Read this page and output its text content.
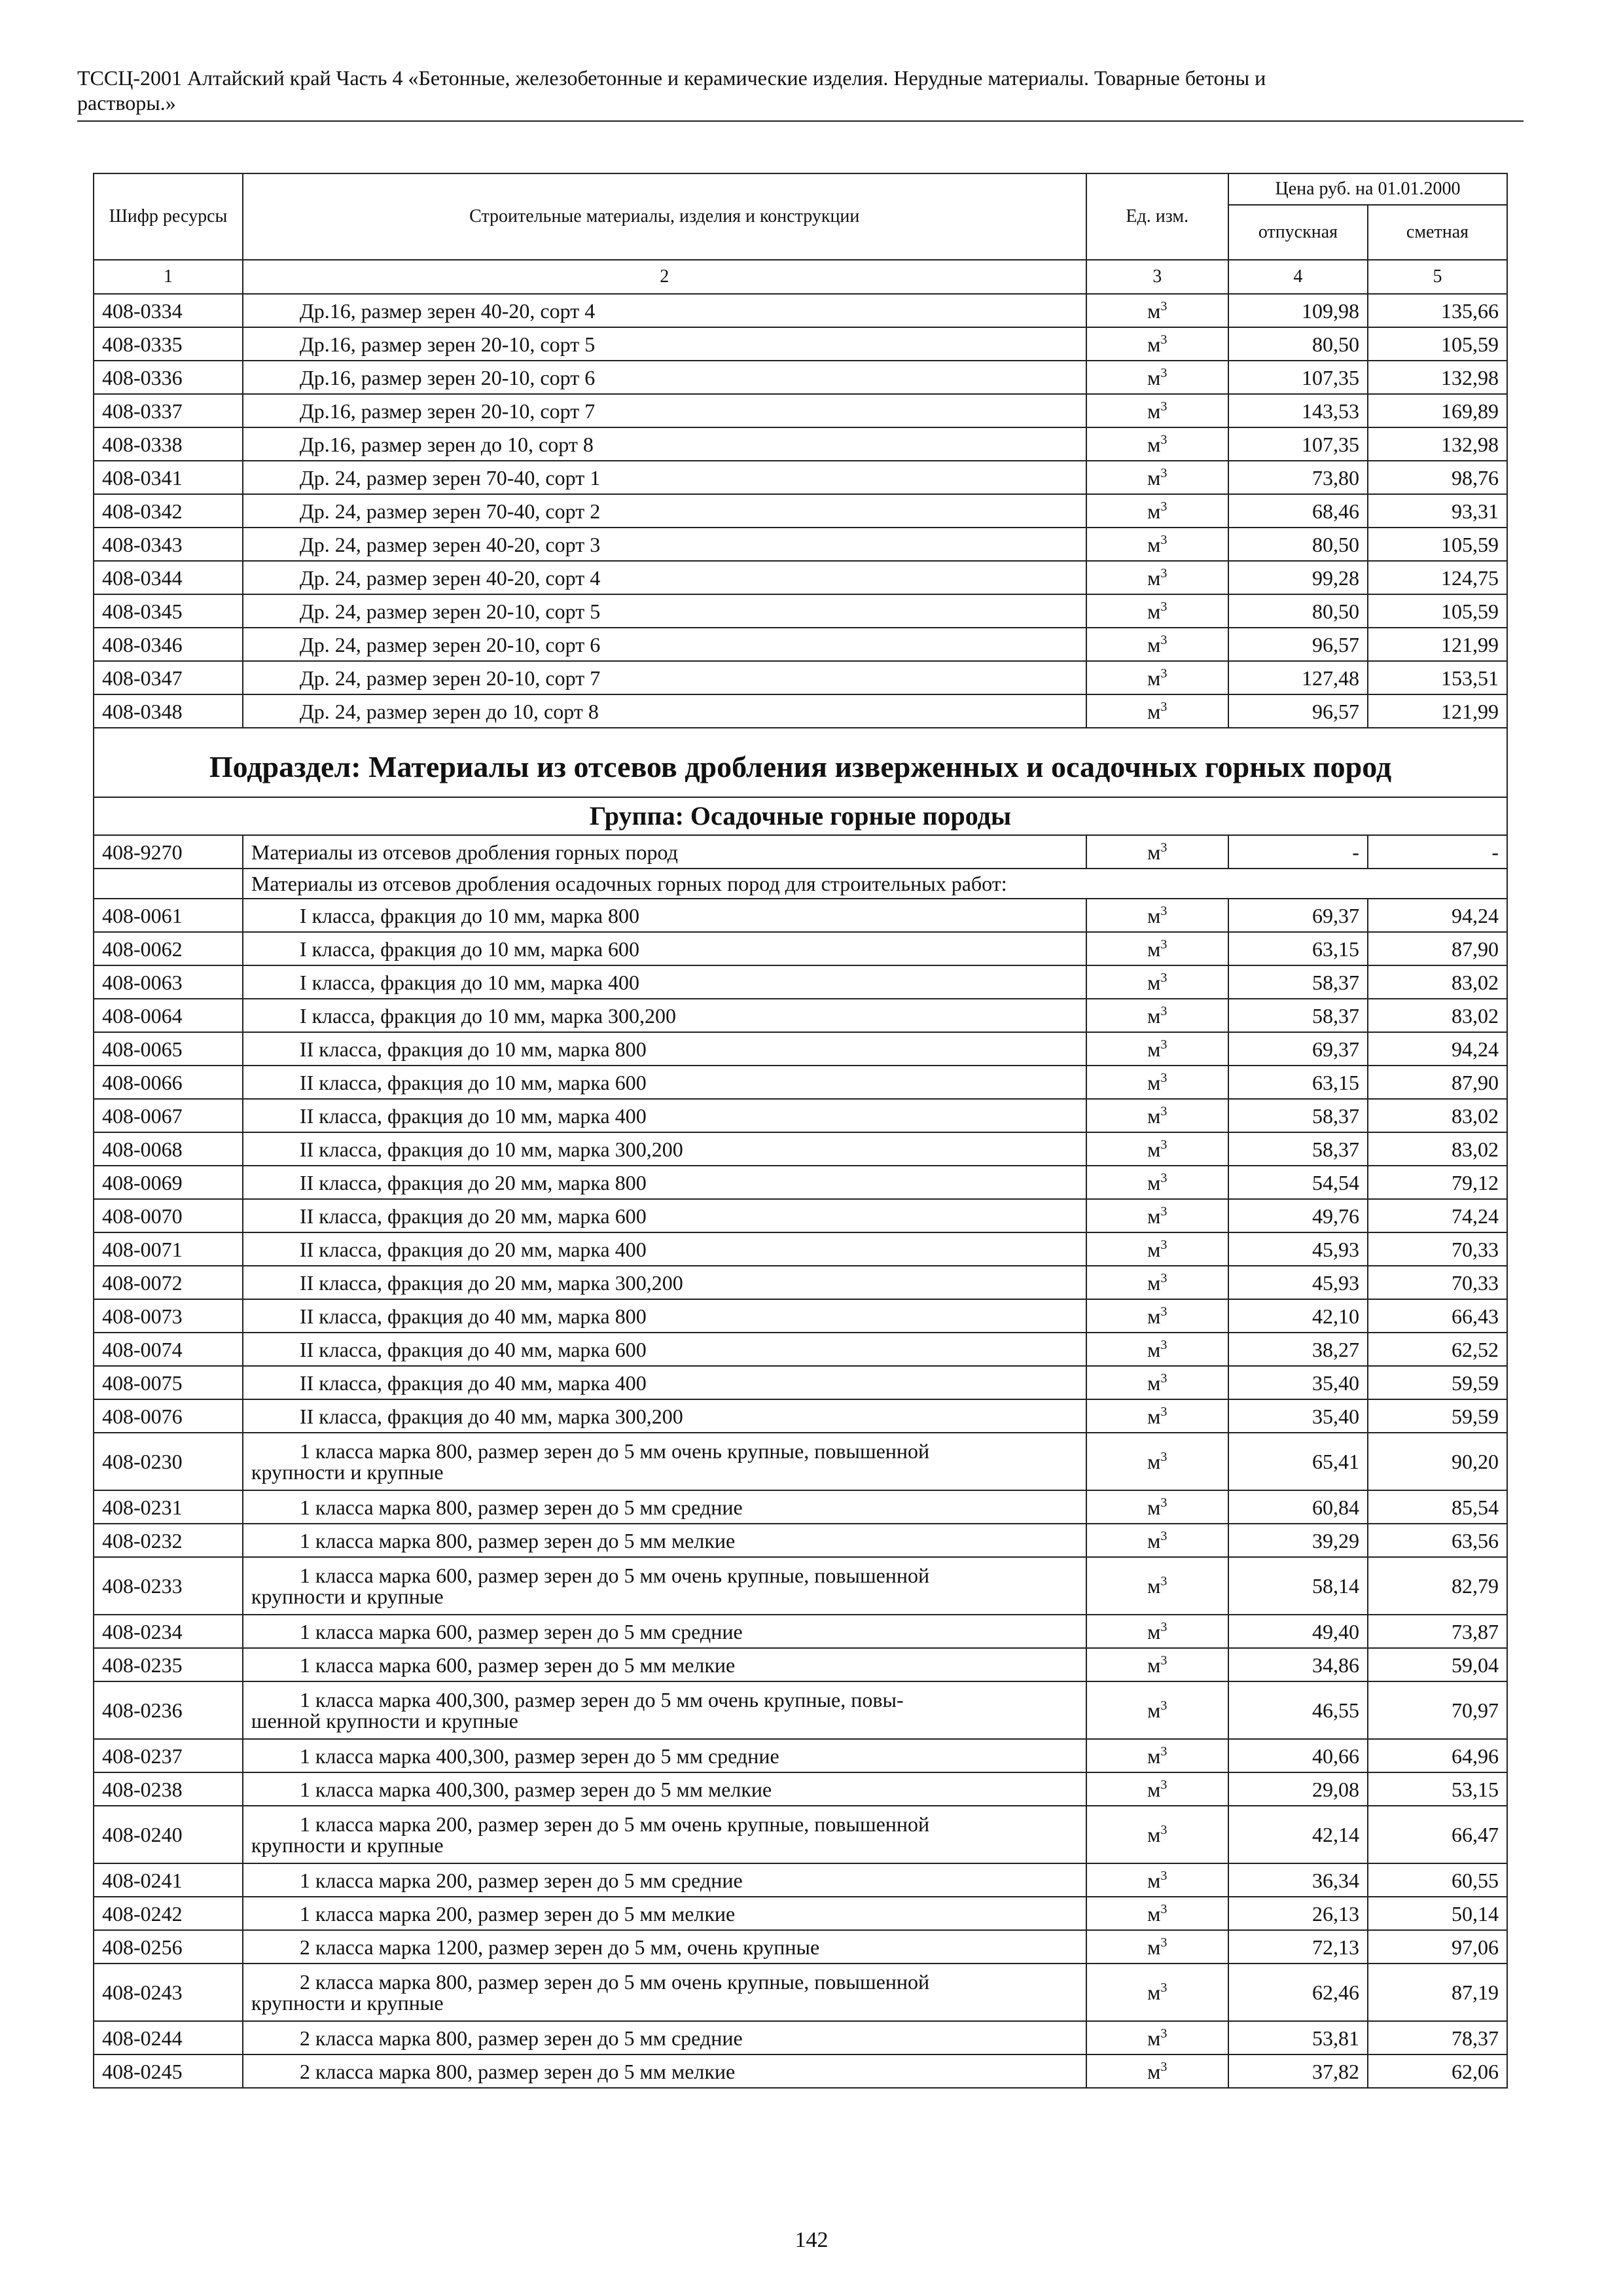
ТССЦ-2001 Алтайский край Часть 4 «Бетонные, железобетонные и керамические изделия. Нерудные материалы. Товарные бетоны и
растворы.»
Шифр ресурсы	Строительные материалы, изделия и конструкции	Ед. изм.	Цена руб. на 01.01.2000	
			отпускная	сметная
1	2	3	4	5
408-0334	Др.16, размер зерен 40-20, сорт 4	$м^3$	109,98	135,66
408-0335	Др.16, размер зерен 20-10, сорт 5	$м^3$	80,50	105,59
408-0336	Др.16, размер зерен 20-10, сорт 6	$м^3$	107,35	132,98
408-0337	Др.16, размер зерен 20-10, сорт 7	$м^3$	143,53	169,89
408-0338	Др.16, размер зерен до 10, сорт 8	$м^3$	107,35	132,98
408-0341	Др. 24, размер зерен 70-40, сорт 1	$м^3$	73,80	98,76
408-0342	Др. 24, размер зерен 70-40, сорт 2	$м^3$	68,46	93,31
408-0343	Др. 24, размер зерен 40-20, сорт 3	$м^3$	80,50	105,59
408-0344	Др. 24, размер зерен 40-20, сорт 4	$м^3$	99,28	124,75
408-0345	Др. 24, размер зерен 20-10, сорт 5	$м^3$	80,50	105,59
408-0346	Др. 24, размер зерен 20-10, сорт 6	$м^3$	96,57	121,99
408-0347	Др. 24, размер зерен 20-10, сорт 7	$м^3$	127,48	153,51
408-0348	Др. 24, размер зерен до 10, сорт 8	$м^3$	96,57	121,99
Подраздел: Материалы из отсевов дробления изверженных и осадочных горных пород				
Группа: Осадочные горные породы				
408-9270	Материалы из отсевов дробления горных пород	$м^3$	-	-
	Материалы из отсевов дробления осадочных горных пород для строительных работ:			
408-0061	I класса, фракция до 10 мм, марка 800	$м^3$	69,37	94,24
408-0062	I класса, фракция до 10 мм, марка 600	$м^3$	63,15	87,90
408-0063	I класса, фракция до 10 мм, марка 400	$м^3$	58,37	83,02
408-0064	I класса, фракция до 10 мм, марка 300,200	$м^3$	58,37	83,02
408-0065	II класса, фракция до 10 мм, марка 800	$м^3$	69,37	94,24
408-0066	II класса, фракция до 10 мм, марка 600	$м^3$	63,15	87,90
408-0067	II класса, фракция до 10 мм, марка 400	$м^3$	58,37	83,02
408-0068	II класса, фракция до 10 мм, марка 300,200	$м^3$	58,37	83,02
408-0069	II класса, фракция до 20 мм, марка 800	$м^3$	54,54	79,12
408-0070	II класса, фракция до 20 мм, марка 600	$м^3$	49,76	74,24
408-0071	II класса, фракция до 20 мм, марка 400	$м^3$	45,93	70,33
408-0072	II класса, фракция до 20 мм, марка 300,200	$м^3$	45,93	70,33
408-0073	II класса, фракция до 40 мм, марка 800	$м^3$	42,10	66,43
408-0074	II класса, фракция до 40 мм, марка 600	$м^3$	38,27	62,52
408-0075	II класса, фракция до 40 мм, марка 400	$м^3$	35,40	59,59
408-0076	II класса, фракция до 40 мм, марка 300,200	$м^3$	35,40	59,59
408-0230	1 класса марка 800, размер зерен до 5 мм очень крупные, повышенной
крупности и крупные	$м^3$	65,41	90,20
408-0231	1 класса марка 800, размер зерен до 5 мм средние	$м^3$	60,84	85,54
408-0232	1 класса марка 800, размер зерен до 5 мм мелкие	$м^3$	39,29	63,56
408-0233	1 класса марка 600, размер зерен до 5 мм очень крупные, повышенной
крупности и крупные	$м^3$	58,14	82,79
408-0234	1 класса марка 600, размер зерен до 5 мм средние	$м^3$	49,40	73,87
408-0235	1 класса марка 600, размер зерен до 5 мм мелкие	$м^3$	34,86	59,04
408-0236	1 класса марка 400,300, размер зерен до 5 мм очень крупные, повы-
шенной крупности и крупные	$м^3$	46,55	70,97
408-0237	1 класса марка 400,300, размер зерен до 5 мм средние	$м^3$	40,66	64,96
408-0238	1 класса марка 400,300, размер зерен до 5 мм мелкие	$м^3$	29,08	53,15
408-0240	1 класса марка 200, размер зерен до 5 мм очень крупные, повышенной
крупности и крупные	$м^3$	42,14	66,47
408-0241	1 класса марка 200, размер зерен до 5 мм средние	$м^3$	36,34	60,55
408-0242	1 класса марка 200, размер зерен до 5 мм мелкие	$м^3$	26,13	50,14
408-0256	2 класса марка 1200, размер зерен до 5 мм, очень крупные	$м^3$	72,13	97,06
408-0243	2 класса марка 800, размер зерен до 5 мм очень крупные, повышенной
крупности и крупные	$м^3$	62,46	87,19
408-0244	2 класса марка 800, размер зерен до 5 мм средние	$м^3$	53,81	78,37
408-0245	2 класса марка 800, размер зерен до 5 мм мелкие	$м^3$	37,82	62,06
142
